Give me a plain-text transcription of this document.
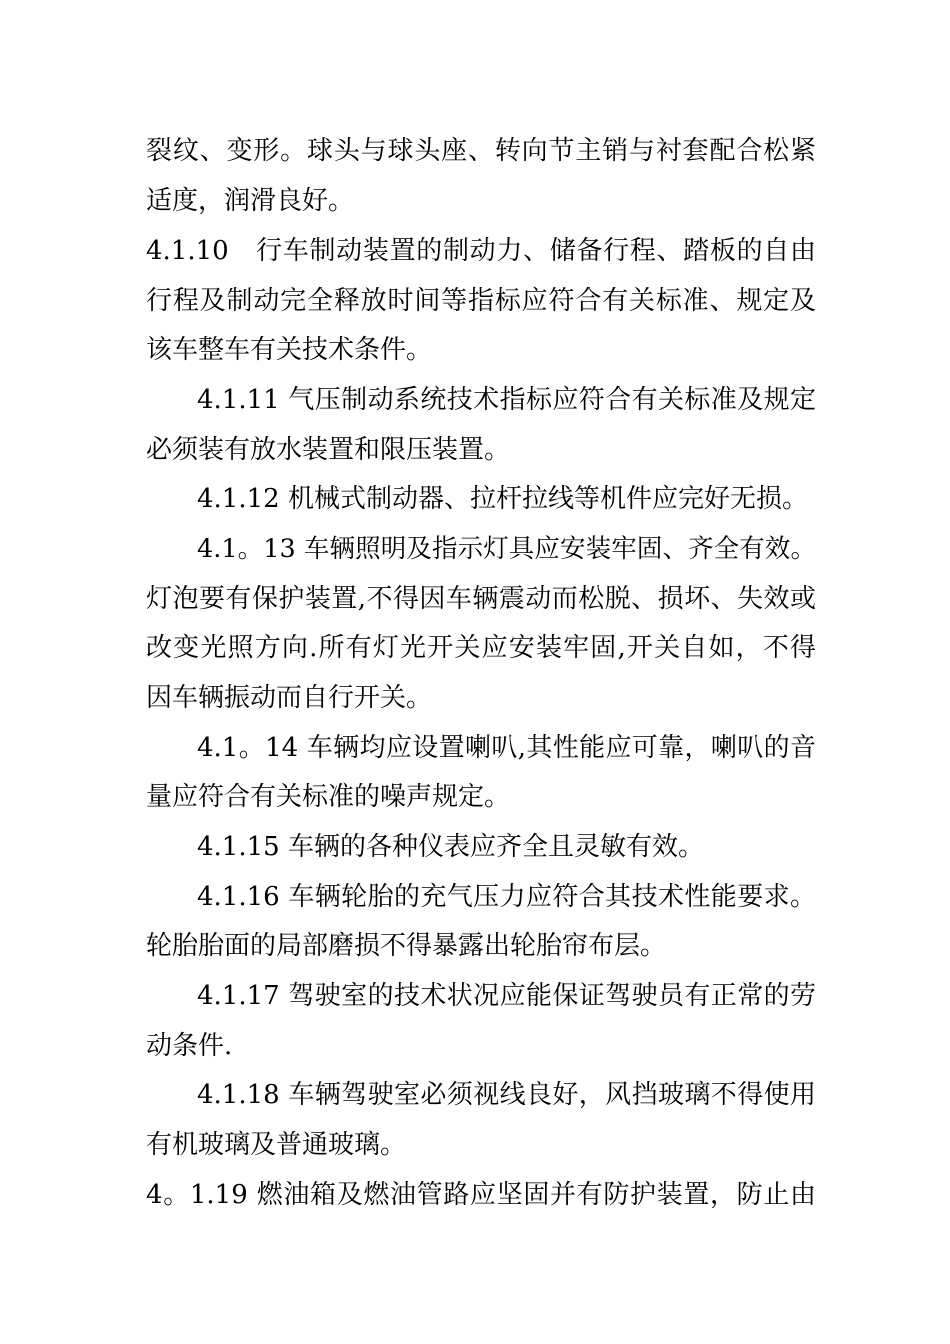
裂纹、变形。球头与球头座、转向节主销与衬套配合松紧
适度，润滑良好。
4.1.10　行车制动装置的制动力、储备行程、踏板的自由
行程及制动完全释放时间等指标应符合有关标准、规定及
该车整车有关技术条件。
4.1.11 气压制动系统技术指标应符合有关标准及规定
必须装有放水装置和限压装置。
4.1.12 机械式制动器、拉杆拉线等机件应完好无损。
4.1。13 车辆照明及指示灯具应安装牢固、齐全有效。
灯泡要有保护装置,不得因车辆震动而松脱、损坏、失效或
改变光照方向.所有灯光开关应安装牢固,开关自如，不得
因车辆振动而自行开关。
4.1。14 车辆均应设置喇叭,其性能应可靠，喇叭的音
量应符合有关标准的噪声规定。
4.1.15 车辆的各种仪表应齐全且灵敏有效。
4.1.16 车辆轮胎的充气压力应符合其技术性能要求。
轮胎胎面的局部磨损不得暴露出轮胎帘布层。
4.1.17 驾驶室的技术状况应能保证驾驶员有正常的劳
动条件.
4.1.18 车辆驾驶室必须视线良好，风挡玻璃不得使用
有机玻璃及普通玻璃。
4。1.19 燃油箱及燃油管路应坚固并有防护装置，防止由
